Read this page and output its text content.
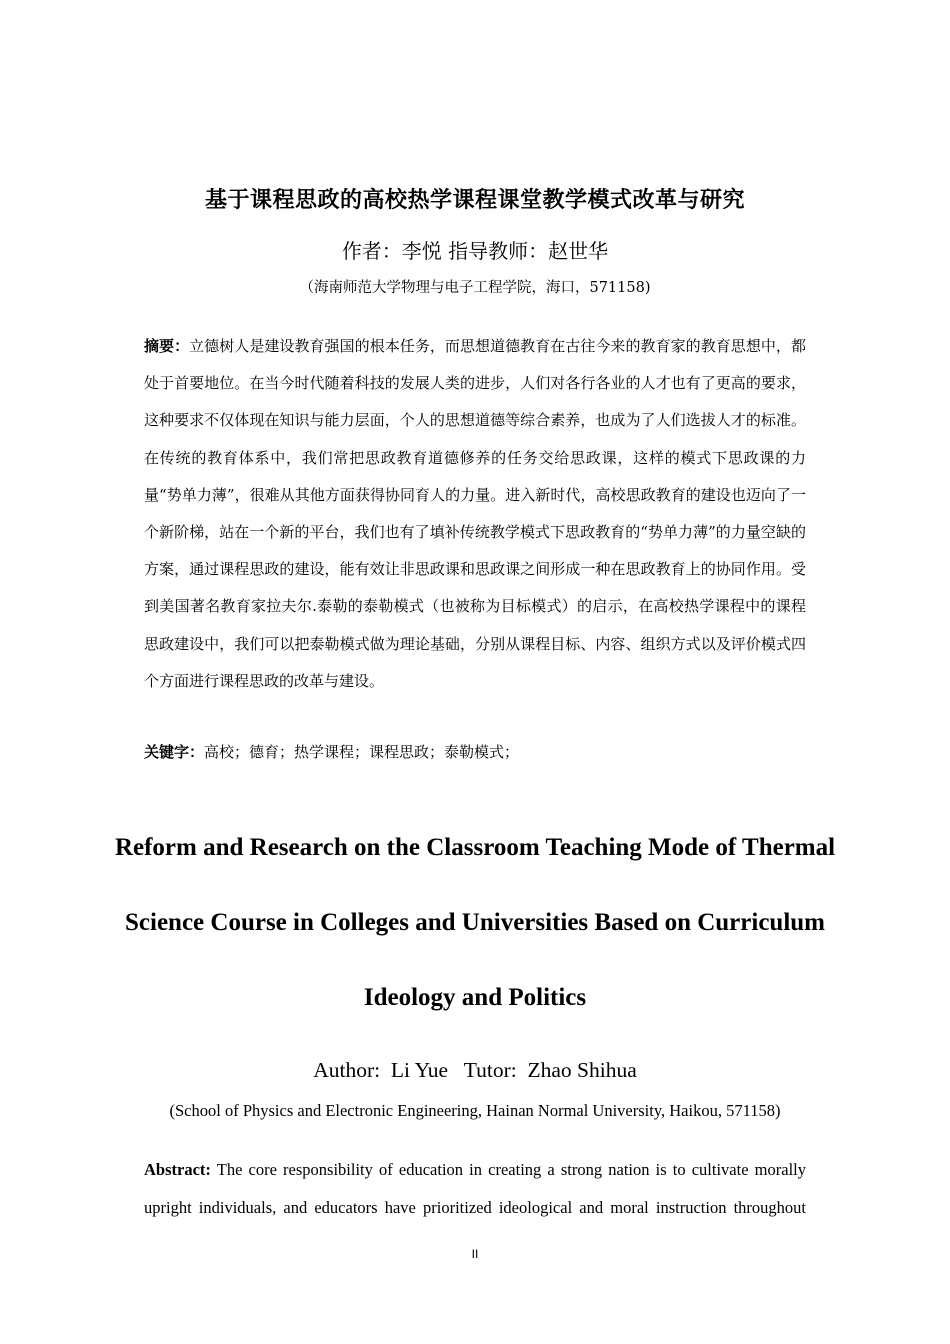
基于课程思政的高校热学课程课堂教学模式改革与研究
作者：李悦 指导教师：赵世华
（海南师范大学物理与电子工程学院，海口，571158)
摘要：立德树人是建设教育强国的根本任务，而思想道德教育在古往今来的教育家的教育思想中，都处于首要地位。在当今时代随着科技的发展人类的进步，人们对各行各业的人才也有了更高的要求，这种要求不仅体现在知识与能力层面，个人的思想道德等综合素养，也成为了人们选拔人才的标准。在传统的教育体系中，我们常把思政教育道德修养的任务交给思政课，这样的模式下思政课的力量“势单力薄”，很难从其他方面获得协同育人的力量。进入新时代，高校思政教育的建设也迈向了一个新阶梯，站在一个新的平台，我们也有了填补传统教学模式下思政教育的“势单力薄”的力量空缺的方案，通过课程思政的建设，能有效让非思政课和思政课之间形成一种在思政教育上的协同作用。受到美国著名教育家拉夫尔.泰勒的泰勒模式（也被称为目标模式）的启示，在高校热学课程中的课程思政建设中，我们可以把泰勒模式做为理论基础，分别从课程目标、内容、组织方式以及评价模式四个方面进行课程思政的改革与建设。
关键字：高校；德育；热学课程；课程思政；泰勒模式；
Reform and Research on the Classroom Teaching Mode of Thermal Science Course in Colleges and Universities Based on Curriculum Ideology and Politics
Author:  Li Yue   Tutor:  Zhao Shihua
(School of Physics and Electronic Engineering, Hainan Normal University, Haikou, 571158)
Abstract: The core responsibility of education in creating a strong nation is to cultivate morally upright individuals, and educators have prioritized ideological and moral instruction throughout
II
